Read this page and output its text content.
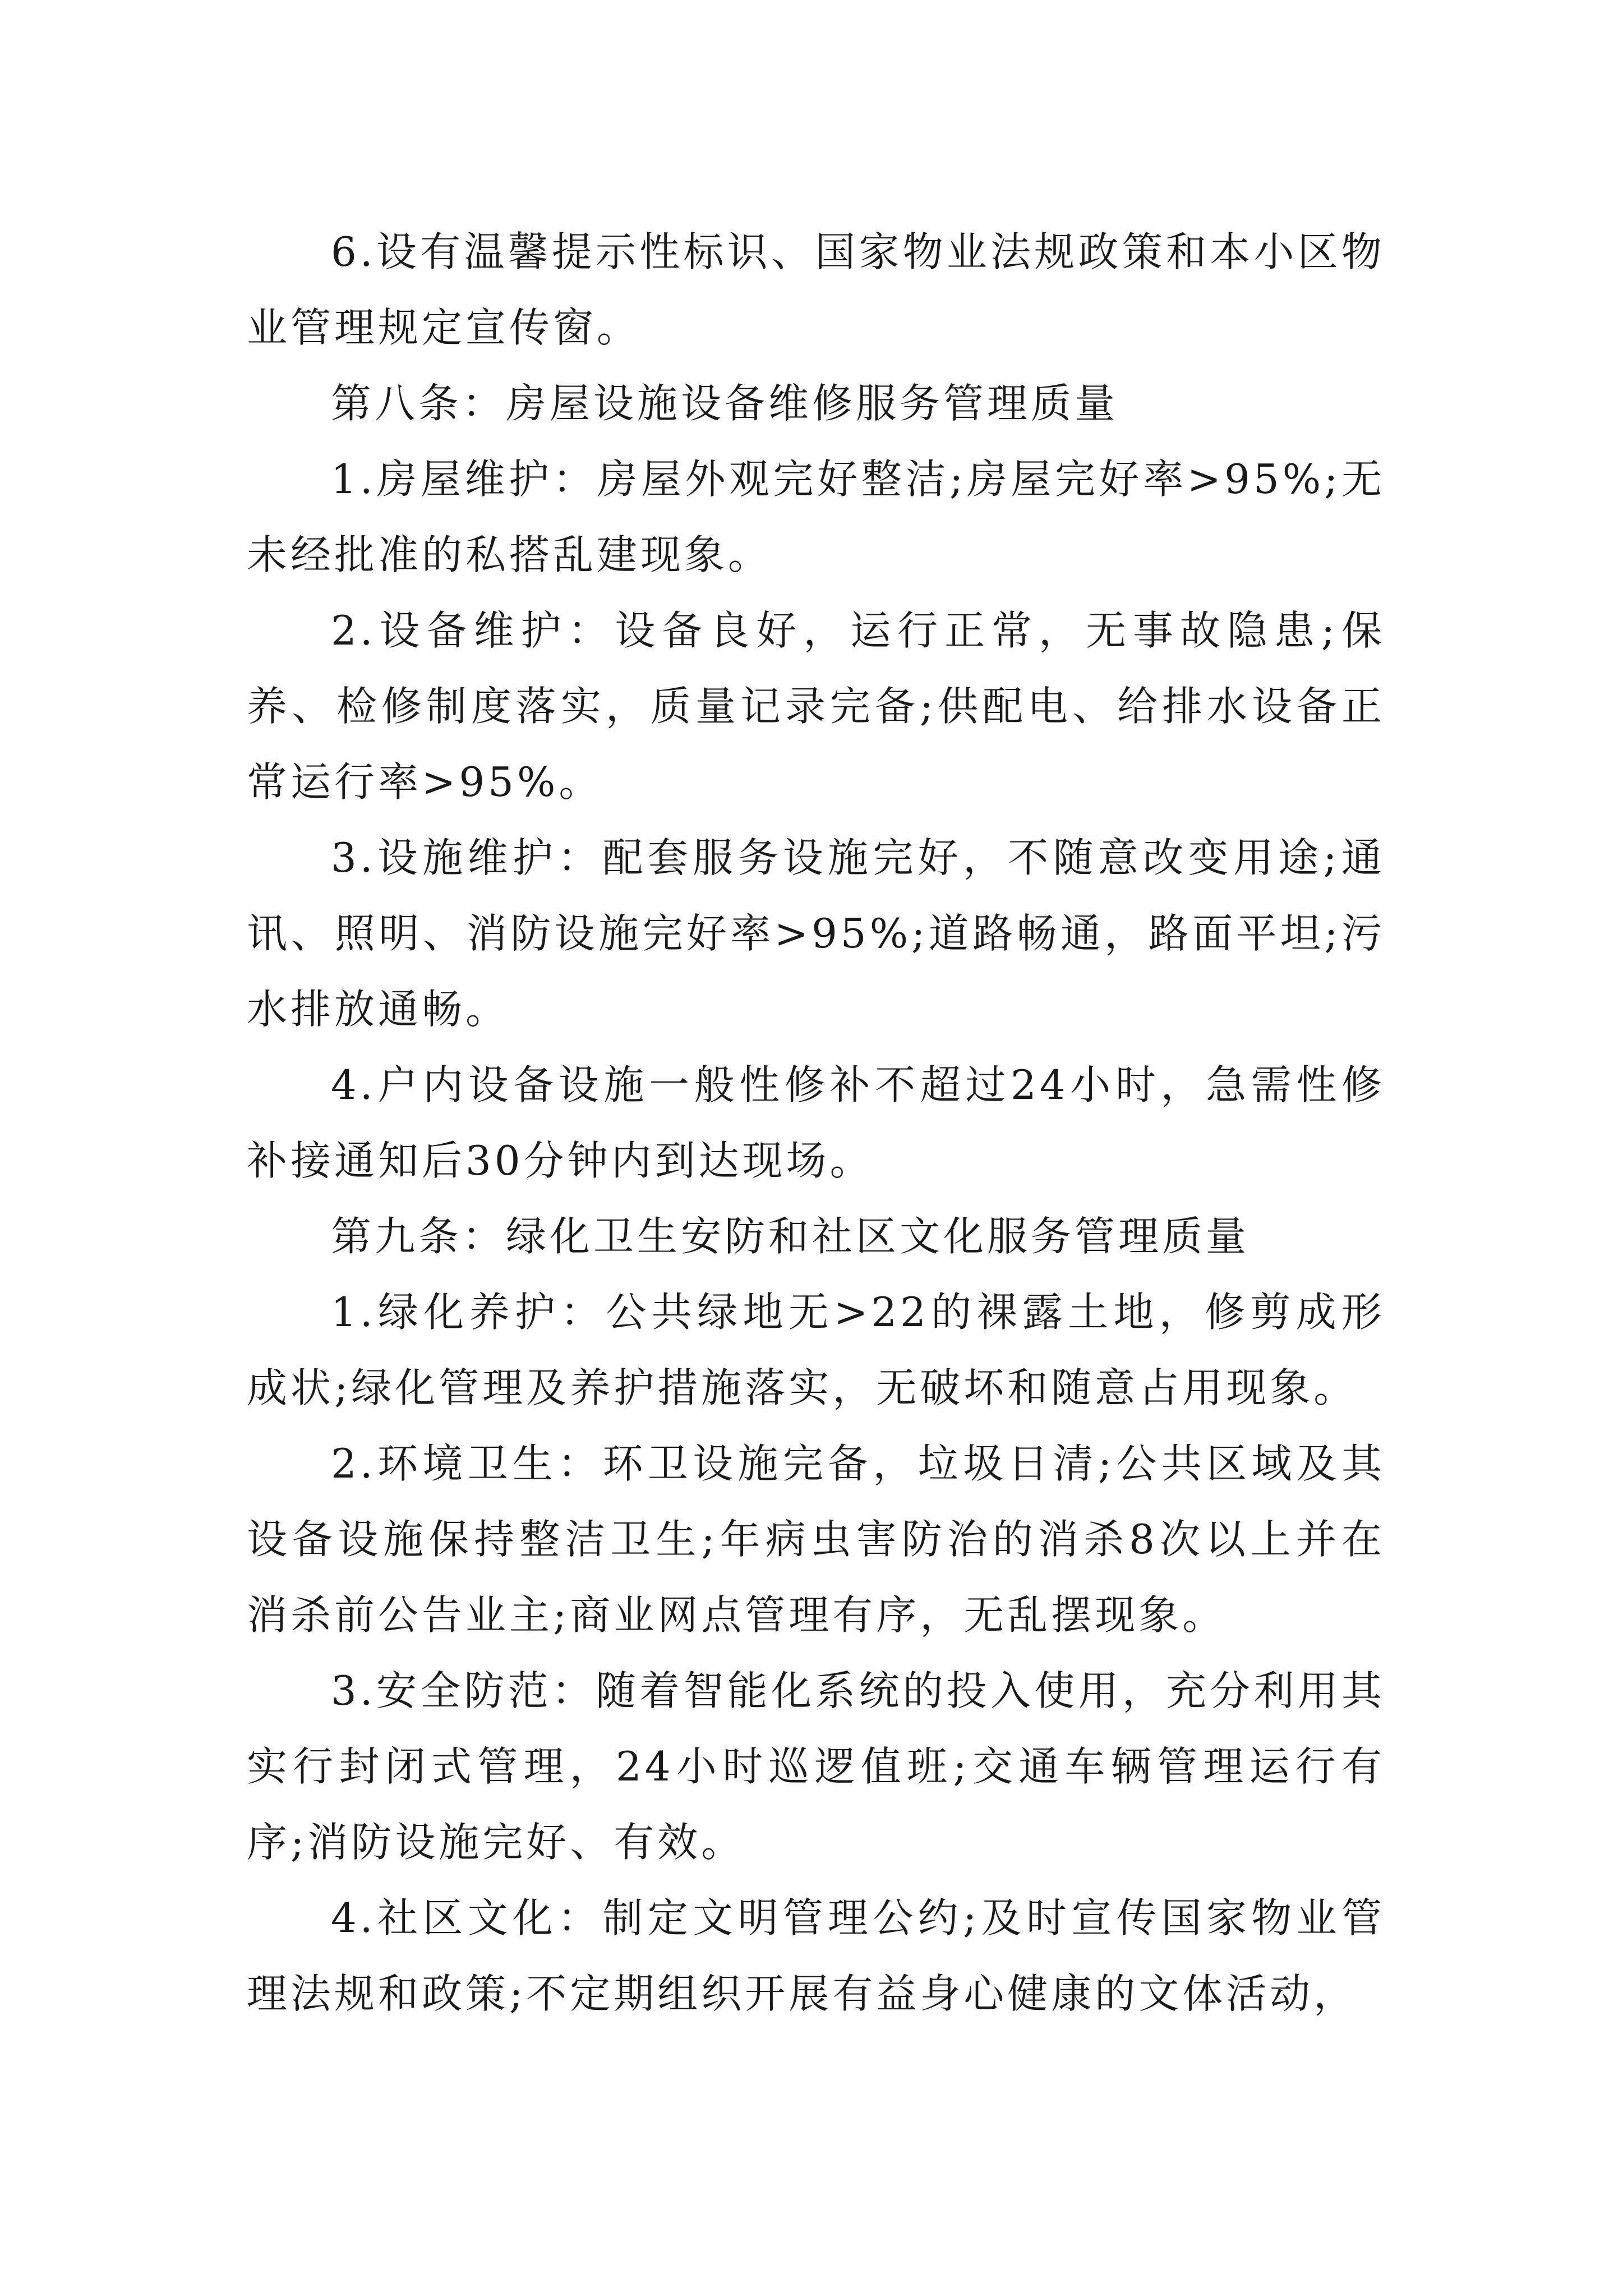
6.设有温馨提示性标识、国家物业法规政策和本小区物业管理规定宣传窗。

第八条：房屋设施设备维修服务管理质量

1.房屋维护：房屋外观完好整洁;房屋完好率>95%;无未经批准的私搭乱建现象。

2.设备维护：设备良好，运行正常，无事故隐患;保养、检修制度落实，质量记录完备;供配电、给排水设备正常运行率>95%。

3.设施维护：配套服务设施完好，不随意改变用途;通讯、照明、消防设施完好率>95%;道路畅通，路面平坦;污水排放通畅。

4.户内设备设施一般性修补不超过24小时，急需性修补接通知后30分钟内到达现场。

第九条：绿化卫生安防和社区文化服务管理质量

1.绿化养护：公共绿地无>22的裸露土地，修剪成形成状;绿化管理及养护措施落实，无破坏和随意占用现象。

2.环境卫生：环卫设施完备，垃圾日清;公共区域及其设备设施保持整洁卫生;年病虫害防治的消杀8次以上并在消杀前公告业主;商业网点管理有序，无乱摆现象。

3.安全防范：随着智能化系统的投入使用，充分利用其实行封闭式管理，24小时巡逻值班;交通车辆管理运行有序;消防设施完好、有效。

4.社区文化：制定文明管理公约;及时宣传国家物业管理法规和政策;不定期组织开展有益身心健康的文体活动，
